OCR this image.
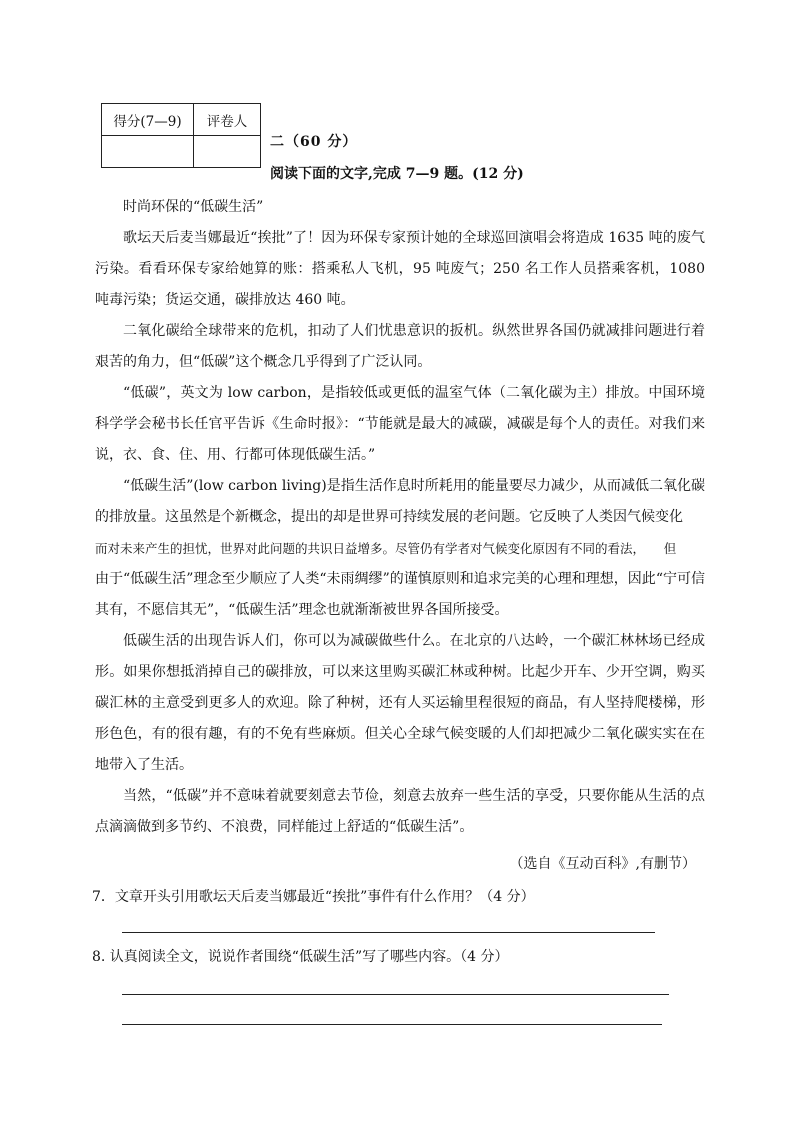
得分(7—9)	评卷人

二（60 分）
阅读下面的文字,完成 7—9 题。(12 分)

时尚环保的“低碳生活”

歌坛天后麦当娜最近“挨批”了！因为环保专家预计她的全球巡回演唱会将造成 1635 吨的废气污染。看看环保专家给她算的账：搭乘私人飞机，95 吨废气；250 名工作人员搭乘客机，1080 吨毒污染；货运交通，碳排放达 460 吨。

二氧化碳给全球带来的危机，扣动了人们忧患意识的扳机。纵然世界各国仍就减排问题进行着艰苦的角力，但“低碳”这个概念几乎得到了广泛认同。

“低碳”，英文为 low carbon，是指较低或更低的温室气体（二氧化碳为主）排放。中国环境科学学会秘书长任官平告诉《生命时报》：“节能就是最大的减碳，减碳是每个人的责任。对我们来说，衣、食、住、用、行都可体现低碳生活。”

“低碳生活”(low carbon living)是指生活作息时所耗用的能量要尽力减少，从而减低二氧化碳的排放量。这虽然是个新概念，提出的却是世界可持续发展的老问题。它反映了人类因气候变化

而对未来产生的担忧，世界对此问题的共识日益增多。尽管仍有学者对气候变化原因有不同的看法，　　但

由于“低碳生活”理念至少顺应了人类“未雨绸缪”的谨慎原则和追求完美的心理和理想，因此“宁可信其有，不愿信其无”，“低碳生活”理念也就渐渐被世界各国所接受。

低碳生活的出现告诉人们，你可以为减碳做些什么。在北京的八达岭，一个碳汇林林场已经成形。如果你想抵消掉自己的碳排放，可以来这里购买碳汇林或种树。比起少开车、少开空调，购买碳汇林的主意受到更多人的欢迎。除了种树，还有人买运输里程很短的商品，有人坚持爬楼梯，形形色色，有的很有趣，有的不免有些麻烦。但关心全球气候变暖的人们却把减少二氧化碳实实在在地带入了生活。

当然，“低碳”并不意味着就要刻意去节俭，刻意去放弃一些生活的享受，只要你能从生活的点点滴滴做到多节约、不浪费，同样能过上舒适的“低碳生活”。

（选自《互动百科》,有删节）
7．文章开头引用歌坛天后麦当娜最近“挨批”事件有什么作用？（4 分）
8. 认真阅读全文，说说作者围绕“低碳生活”写了哪些内容。（4 分）
